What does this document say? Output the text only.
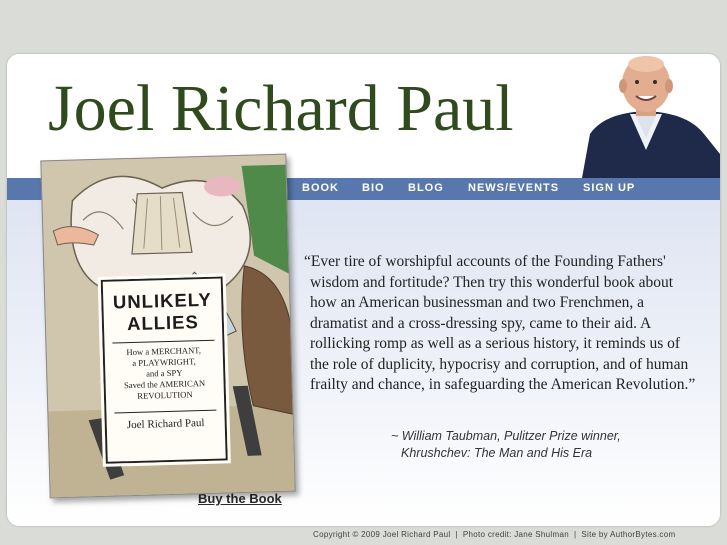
Joel Richard Paul
BOOK BIO BLOG NEWS/EVENTS SIGN UP
“Ever tire of worshipful accounts of the Founding Fathers' wisdom and fortitude? Then try this wonderful book about how an American businessman and two Frenchmen, a dramatist and a cross-dressing spy, came to their aid. A rollicking romp as well as a serious history, it reminds us of the role of duplicity, hypocrisy and corruption, and of human frailty and chance, in safeguarding the American Revolution.”
~ William Taubman, Pulitzer Prize winner,
Khrushchev: The Man and His Era
Buy the Book
UNLIKELY
ALLIES
How a MERCHANT,
a PLAYWRIGHT,
and a SPY
Saved the AMERICAN
REVOLUTION
Joel Richard Paul
Copyright © 2009 Joel Richard Paul | Photo credit: Jane Shulman | Site by AuthorBytes.com
